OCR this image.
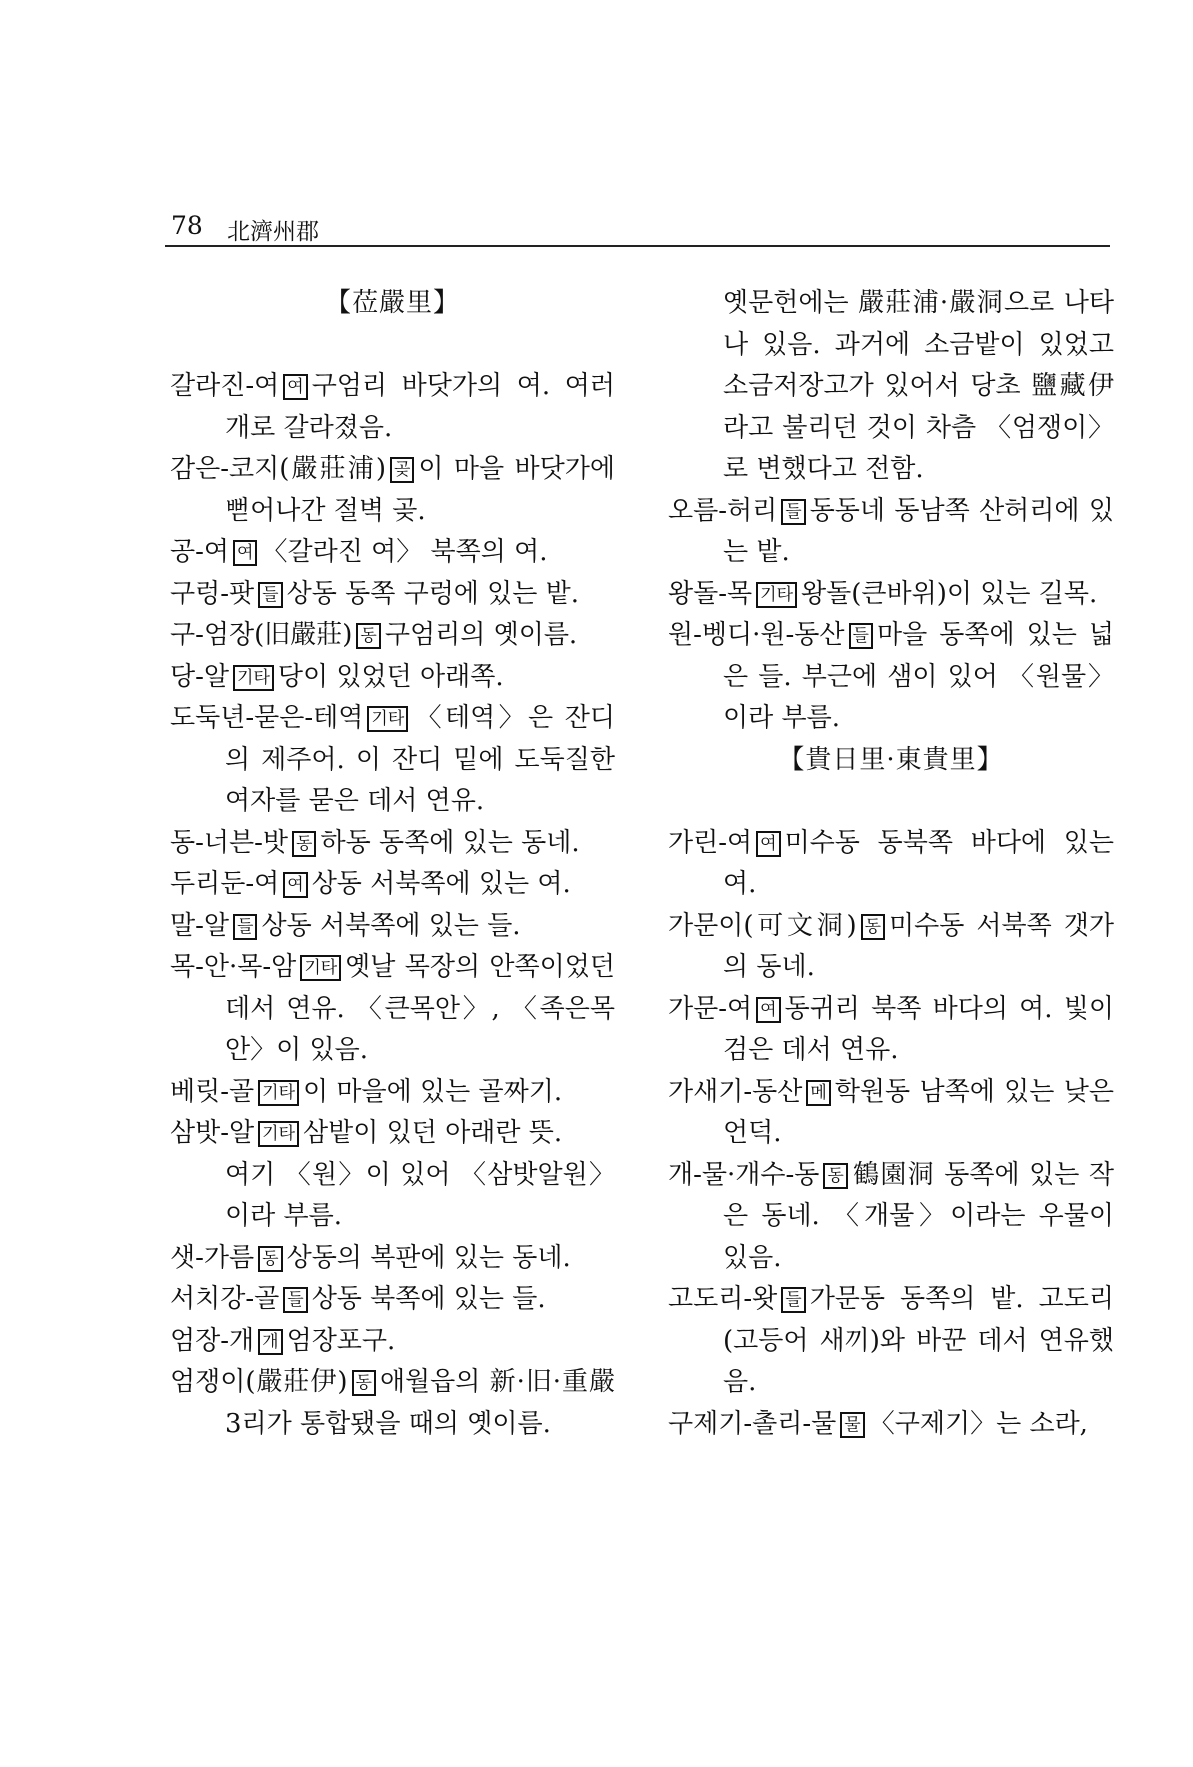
78 北濟州郡
【莅嚴里】
갈라진-여 여 구엄리 바닷가의 여. 여러 개로 갈라졌음.
감은-코지(嚴莊浦) 곶 이 마을 바닷가에 뻗어나간 절벽 곶.
공-여 여 〈갈라진 여〉 북쪽의 여.
구렁-팟 들 상동 동쪽 구렁에 있는 밭.
구-엄장(旧嚴莊) 동 구엄리의 옛이름.
당-알 기타 당이 있었던 아래쪽.
도둑년-묻은-테역 기타 〈테역〉은 잔디의 제주어. 이 잔디 밑에 도둑질한 여자를 묻은 데서 연유.
동-너븐-밧 동 하동 동쪽에 있는 동네.
두리둔-여 여 상동 서북쪽에 있는 여.
말-알 들 상동 서북쪽에 있는 들.
목-안·목-암 기타 옛날 목장의 안쪽이었던 데서 연유. 〈큰목안〉, 〈족은목안〉이 있음.
베릿-골 기타 이 마을에 있는 골짜기.
삼밧-알 기타 삼밭이 있던 아래란 뜻.
여기 〈원〉이 있어 〈삼밧알원〉이라 부름.
샛-가름 동 상동의 복판에 있는 동네.
서치강-골 들 상동 북쪽에 있는 들.
엄장-개 개 엄장포구.
엄쟁이(嚴莊伊) 동 애월읍의 新·旧·重嚴 3리가 통합됐을 때의 옛이름.
옛문헌에는 嚴莊浦·嚴洞으로 나타나 있음. 과거에 소금밭이 있었고 소금저장고가 있어서 당초 鹽藏伊라고 불리던 것이 차츰 〈엄쟁이〉로 변했다고 전함.
오름-허리 들 동동네 동남쪽 산허리에 있는 밭.
왕돌-목 기타 왕돌(큰바위)이 있는 길목.
원-벵디·원-동산 들 마을 동쪽에 있는 넓은 들. 부근에 샘이 있어 〈원물〉이라 부름.
【貴日里·東貴里】
가린-여 여 미수동 동북쪽 바다에 있는 여.
가문이(可文洞) 동 미수동 서북쪽 갯가의 동네.
가문-여 여 동귀리 북쪽 바다의 여. 빛이 검은 데서 연유.
가새기-동산 메 학원동 남쪽에 있는 낮은 언덕.
개-물·개수-동 동 鶴園洞 동쪽에 있는 작은 동네. 〈개물〉이라는 우물이 있음.
고도리-왓 들 가문동 동쪽의 밭. 고도리(고등어 새끼)와 바꾼 데서 연유했음.
구제기-촐리-물 물 〈구제기〉는 소라,
